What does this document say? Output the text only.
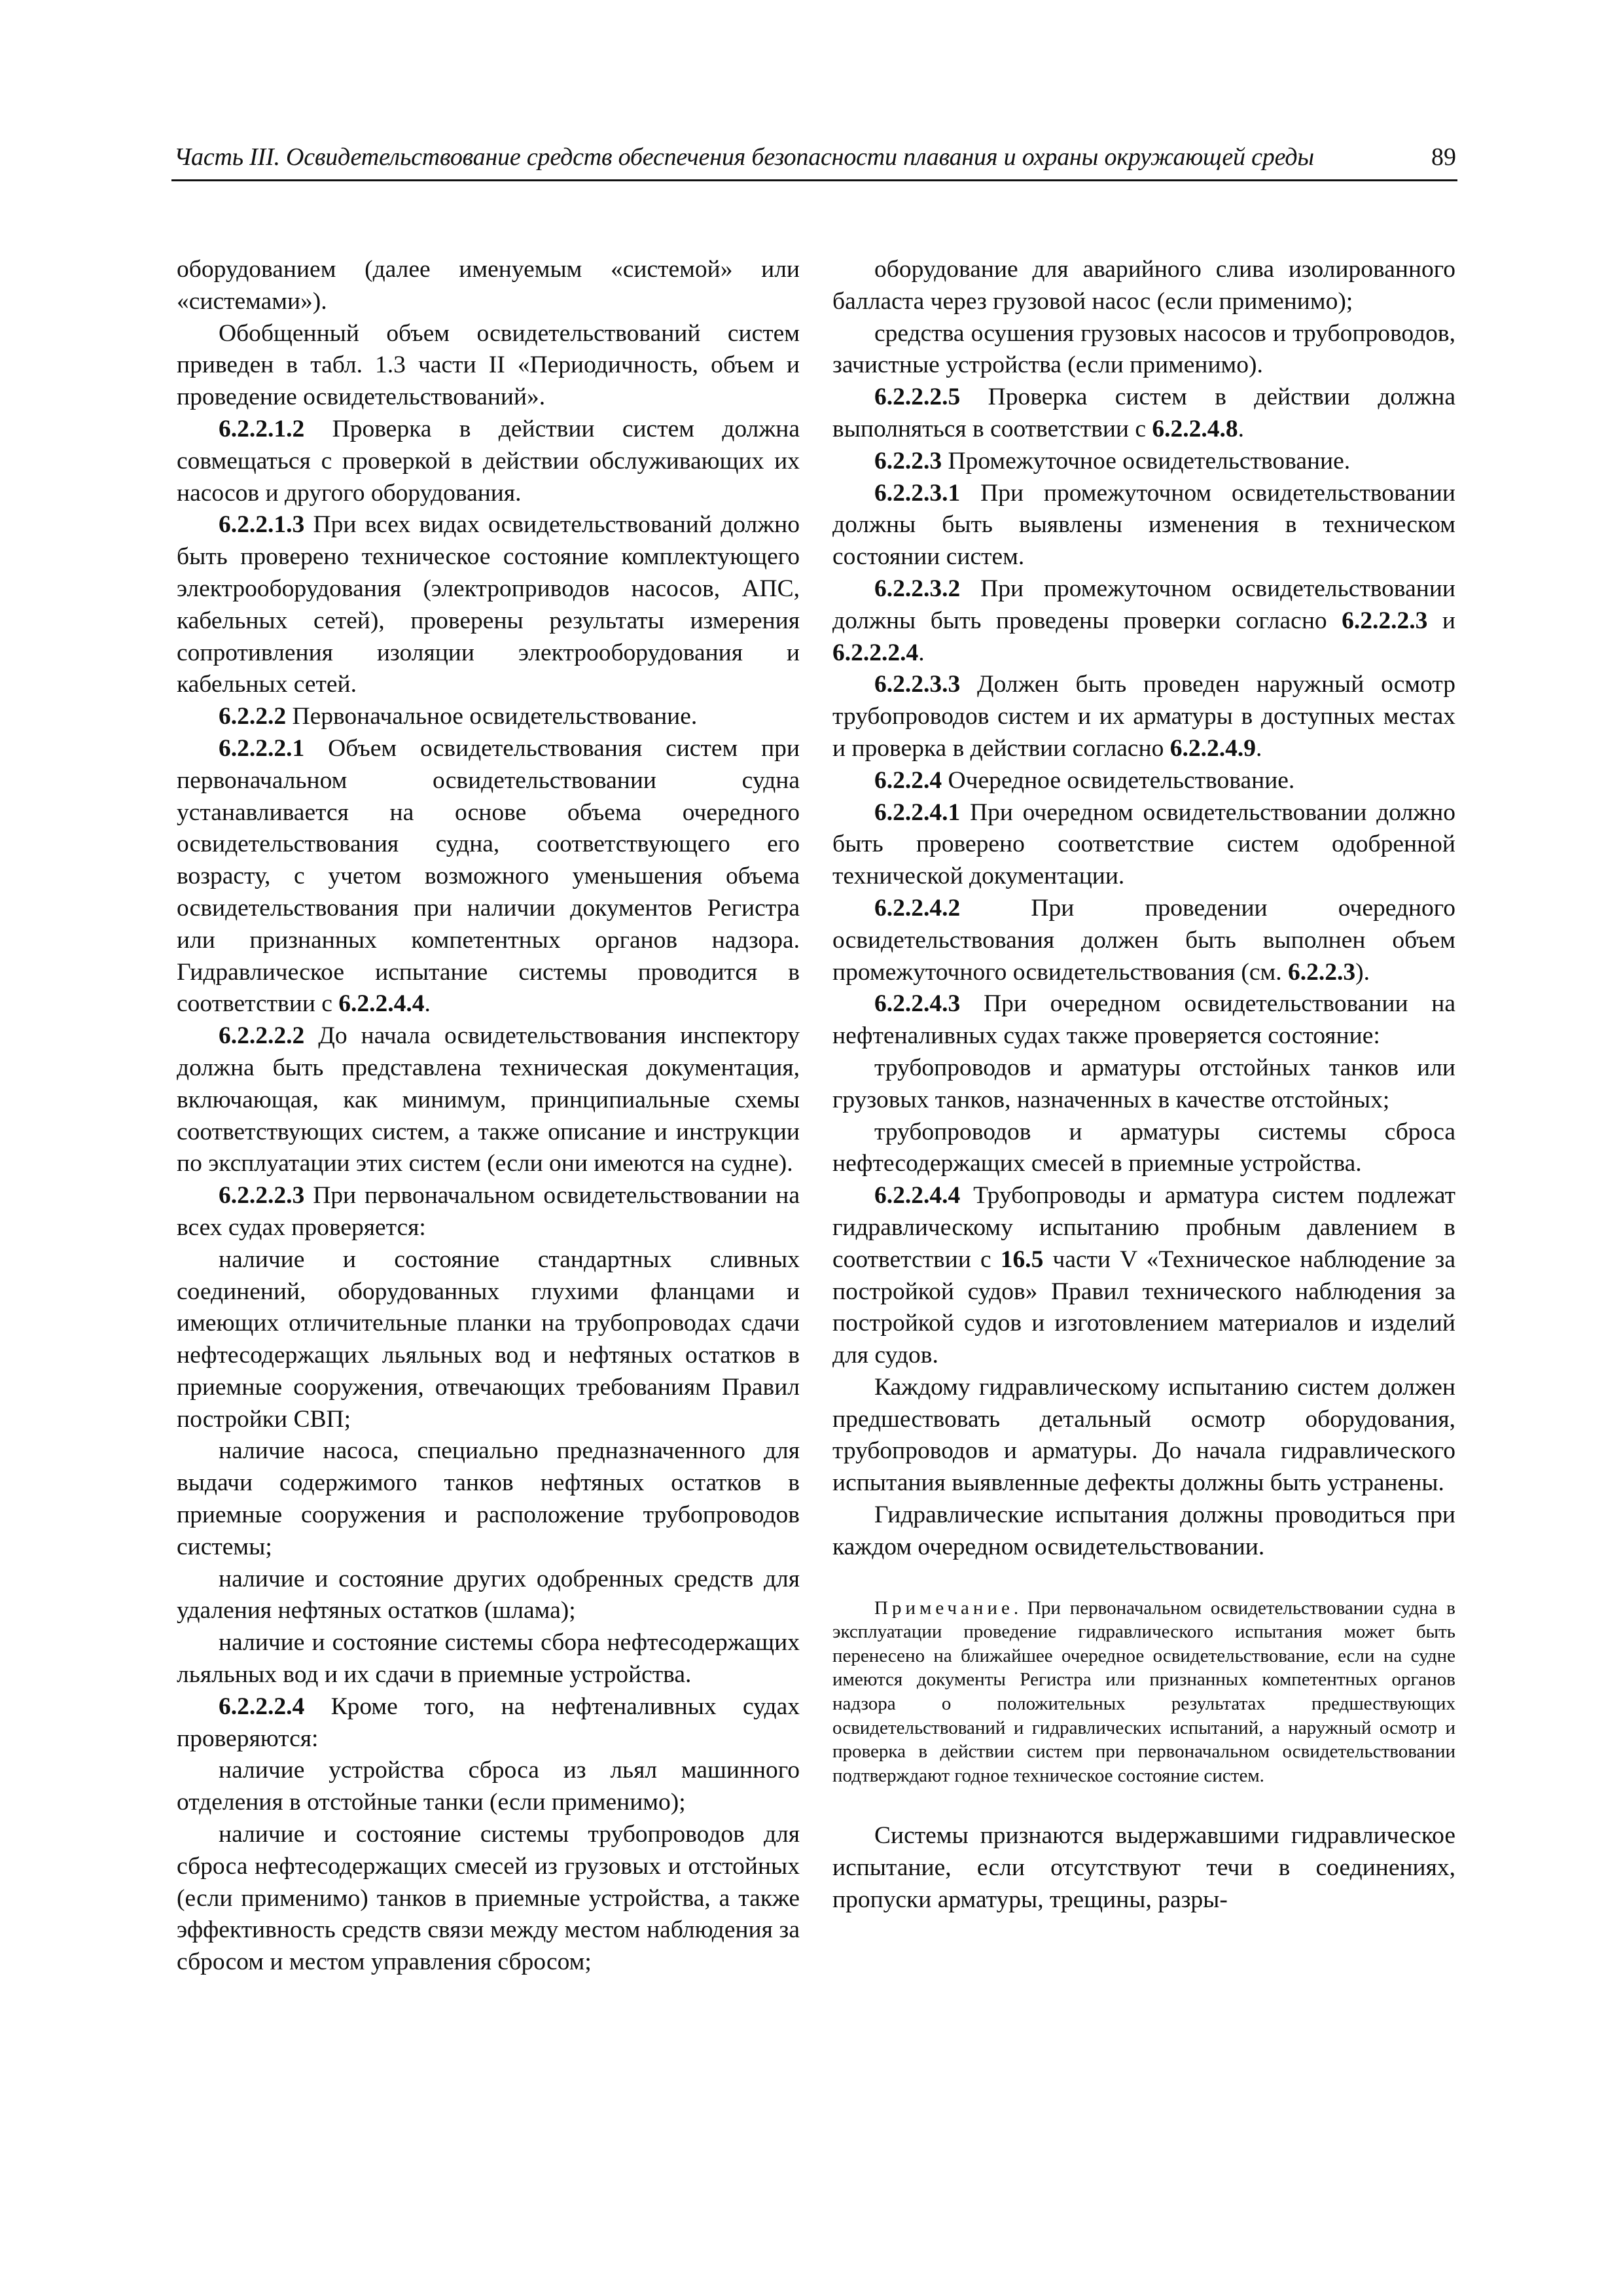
Часть III. Освидетельствование средств обеспечения безопасности плавания и охраны окружающей среды	89

оборудованием (далее именуемым «системой» или «системами»).

Обобщенный объем освидетельствований систем приведен в табл. 1.3 части II «Периодичность, объем и проведение освидетельствований».

6.2.2.1.2 Проверка в действии систем должна совмещаться с проверкой в действии обслуживающих их насосов и другого оборудования.

6.2.2.1.3 При всех видах освидетельствований должно быть проверено техническое состояние комплектующего электрооборудования (электроприводов насосов, АПС, кабельных сетей), проверены результаты измерения сопротивления изоляции электрооборудования и кабельных сетей.

6.2.2.2 Первоначальное освидетельствование.

6.2.2.2.1 Объем освидетельствования систем при первоначальном освидетельствовании судна устанавливается на основе объема очередного освидетельствования судна, соответствующего его возрасту, с учетом возможного уменьшения объема освидетельствования при наличии документов Регистра или признанных компетентных органов надзора. Гидравлическое испытание системы проводится в соответствии с 6.2.2.4.4.

6.2.2.2.2 До начала освидетельствования инспектору должна быть представлена техническая документация, включающая, как минимум, принципиальные схемы соответствующих систем, а также описание и инструкции по эксплуатации этих систем (если они имеются на судне).

6.2.2.2.3 При первоначальном освидетельствовании на всех судах проверяется:

наличие и состояние стандартных сливных соединений, оборудованных глухими фланцами и имеющих отличительные планки на трубопроводах сдачи нефтесодержащих льяльных вод и нефтяных остатков в приемные сооружения, отвечающих требованиям Правил постройки СВП;

наличие насоса, специально предназначенного для выдачи содержимого танков нефтяных остатков в приемные сооружения и расположение трубопроводов системы;

наличие и состояние других одобренных средств для удаления нефтяных остатков (шлама);

наличие и состояние системы сбора нефтесодержащих льяльных вод и их сдачи в приемные устройства.

6.2.2.2.4 Кроме того, на нефтеналивных судах проверяются:

наличие устройства сброса из льял машинного отделения в отстойные танки (если применимо);

наличие и состояние системы трубопроводов для сброса нефтесодержащих смесей из грузовых и отстойных (если применимо) танков в приемные устройства, а также эффективность средств связи между местом наблюдения за сбросом и местом управления сбросом;

оборудование для аварийного слива изолированного балласта через грузовой насос (если применимо);

средства осушения грузовых насосов и трубопроводов, зачистные устройства (если применимо).

6.2.2.2.5 Проверка систем в действии должна выполняться в соответствии с 6.2.2.4.8.

6.2.2.3 Промежуточное освидетельствование.

6.2.2.3.1 При промежуточном освидетельствовании должны быть выявлены изменения в техническом состоянии систем.

6.2.2.3.2 При промежуточном освидетельствовании должны быть проведены проверки согласно 6.2.2.2.3 и 6.2.2.2.4.

6.2.2.3.3 Должен быть проведен наружный осмотр трубопроводов систем и их арматуры в доступных местах и проверка в действии согласно 6.2.2.4.9.

6.2.2.4 Очередное освидетельствование.

6.2.2.4.1 При очередном освидетельствовании должно быть проверено соответствие систем одобренной технической документации.

6.2.2.4.2 При проведении очередного освидетельствования должен быть выполнен объем промежуточного освидетельствования (см. 6.2.2.3).

6.2.2.4.3 При очередном освидетельствовании на нефтеналивных судах также проверяется состояние:

трубопроводов и арматуры отстойных танков или грузовых танков, назначенных в качестве отстойных;

трубопроводов и арматуры системы сброса нефтесодержащих смесей в приемные устройства.

6.2.2.4.4 Трубопроводы и арматура систем подлежат гидравлическому испытанию пробным давлением в соответствии с 16.5 части V «Техническое наблюдение за постройкой судов» Правил технического наблюдения за постройкой судов и изготовлением материалов и изделий для судов.

Каждому гидравлическому испытанию систем должен предшествовать детальный осмотр оборудования, трубопроводов и арматуры. До начала гидравлического испытания выявленные дефекты должны быть устранены.

Гидравлические испытания должны проводиться при каждом очередном освидетельствовании.

Примечание. При первоначальном освидетельствовании судна в эксплуатации проведение гидравлического испытания может быть перенесено на ближайшее очередное освидетельствование, если на судне имеются документы Регистра или признанных компетентных органов надзора о положительных результатах предшествующих освидетельствований и гидравлических испытаний, а наружный осмотр и проверка в действии систем при первоначальном освидетельствовании подтверждают годное техническое состояние систем.

Системы признаются выдержавшими гидравлическое испытание, если отсутствуют течи в соединениях, пропуски арматуры, трещины, разры-
